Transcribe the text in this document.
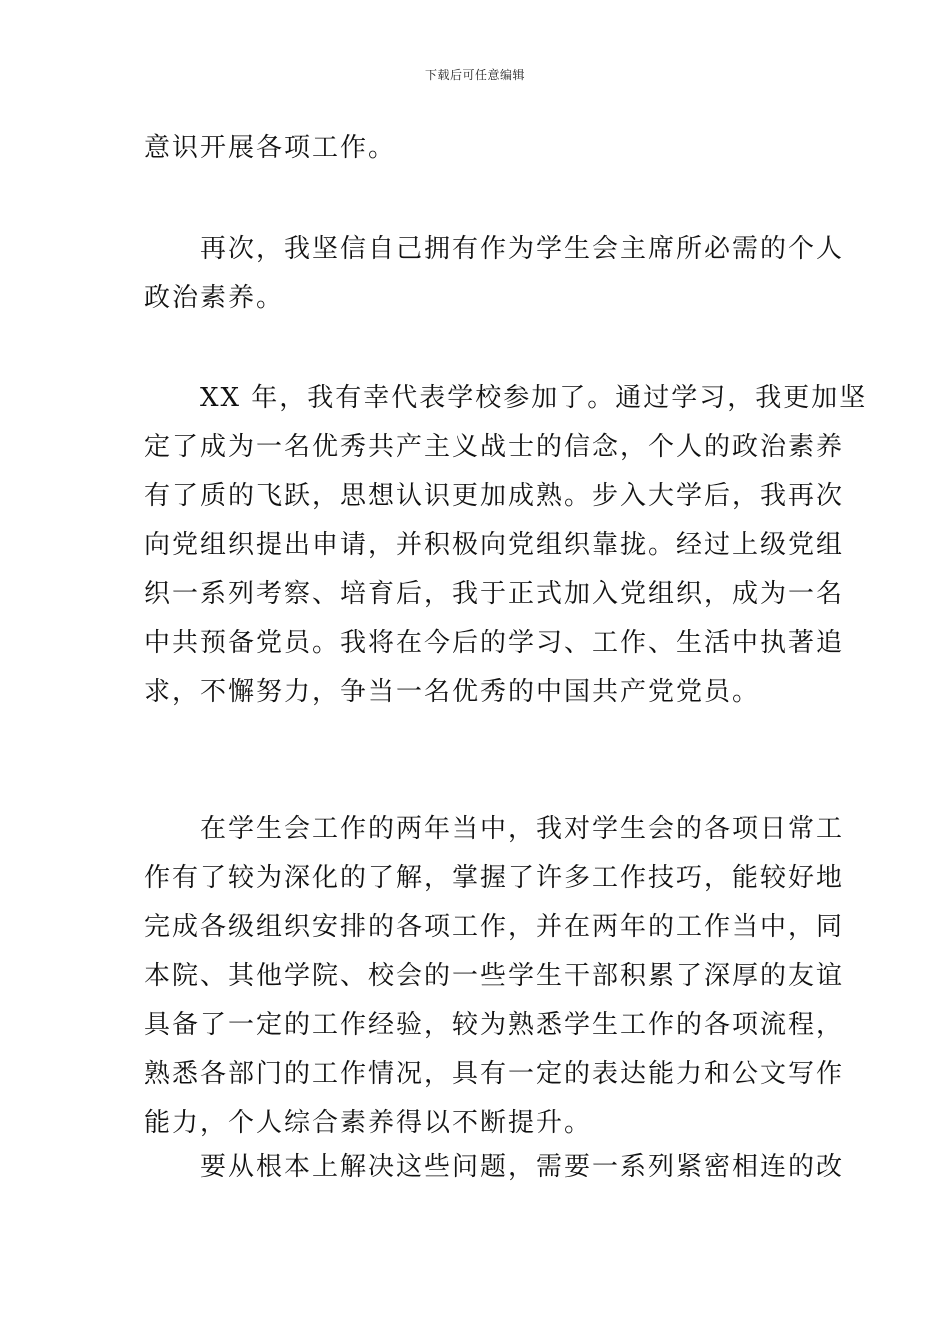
下载后可任意编辑
意识开展各项工作。
　　再次，我坚信自己拥有作为学生会主席所必需的个人
政治素养。
　　XX 年，我有幸代表学校参加了。通过学习，我更加坚
定了成为一名优秀共产主义战士的信念，个人的政治素养
有了质的飞跃，思想认识更加成熟。步入大学后，我再次
向党组织提出申请，并积极向党组织靠拢。经过上级党组
织一系列考察、培育后，我于正式加入党组织，成为一名
中共预备党员。我将在今后的学习、工作、生活中执著追
求，不懈努力，争当一名优秀的中国共产党党员。
　　在学生会工作的两年当中，我对学生会的各项日常工
作有了较为深化的了解，掌握了许多工作技巧，能较好地
完成各级组织安排的各项工作，并在两年的工作当中，同
本院、其他学院、校会的一些学生干部积累了深厚的友谊
具备了一定的工作经验，较为熟悉学生工作的各项流程，
熟悉各部门的工作情况，具有一定的表达能力和公文写作
能力，个人综合素养得以不断提升。
　　要从根本上解决这些问题，需要一系列紧密相连的改
